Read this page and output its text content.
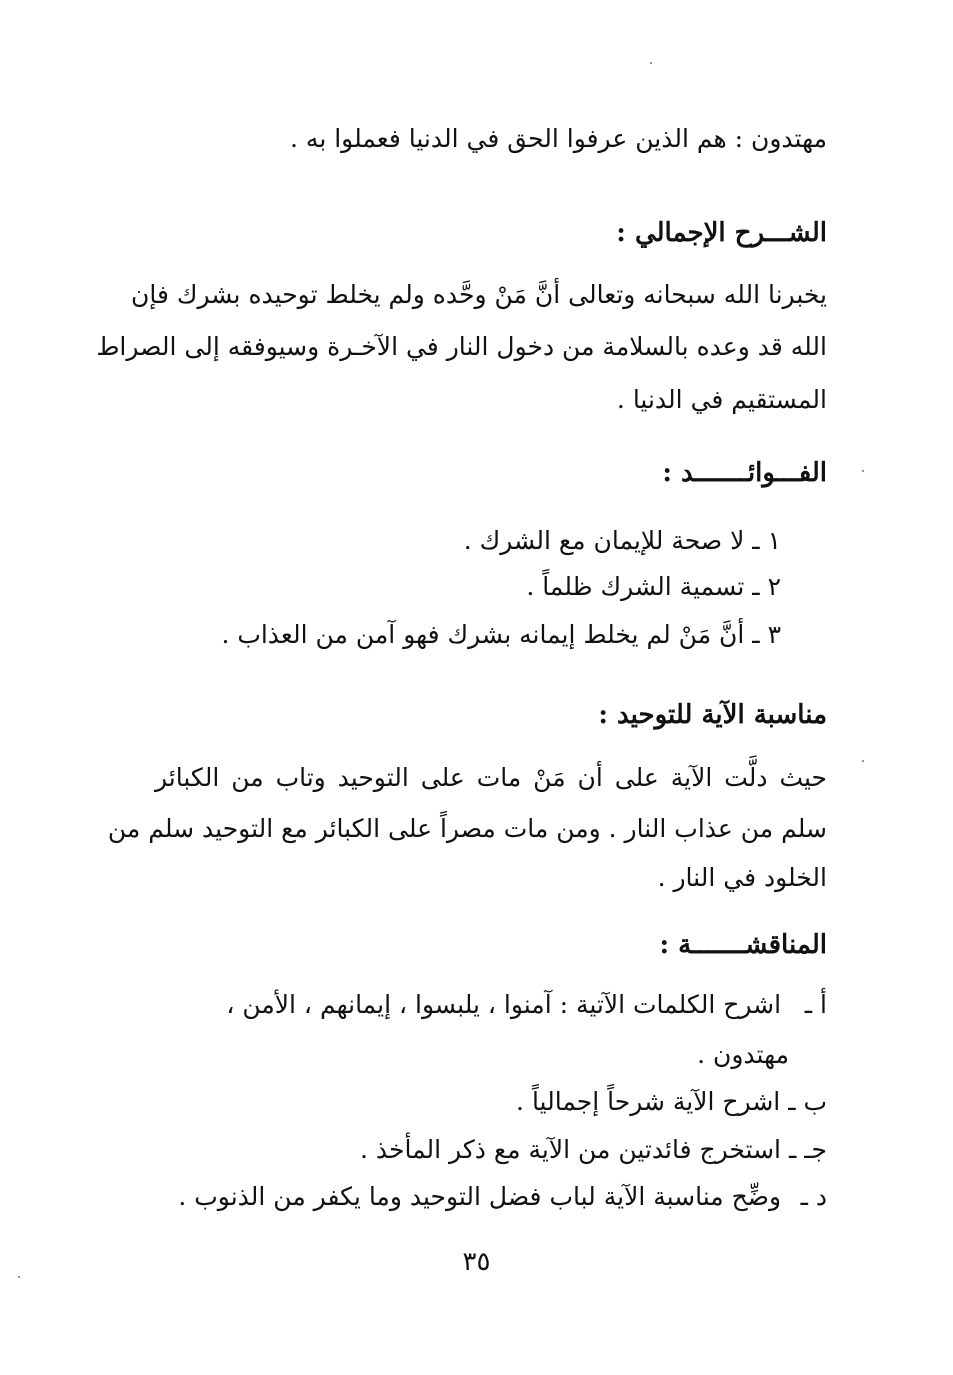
مهتدون : هم الذين عرفوا الحق في الدنيا فعملوا به .
الشـــرح الإجمالي :
يخبرنا الله سبحانه وتعالى أنَّ مَنْ وحَّده ولم يخلط توحيده بشرك فإن
الله قد وعده بالسلامة من دخول النار في الآخـرة وسيوفقه إلى الصراط
المستقيم في الدنيا .
الفـــوائـــــــد :
١ ـ لا صحة للإيمان مع الشرك .
٢ ـ تسمية الشرك ظلماً .
٣ ـ أنَّ مَنْ لم يخلط إيمانه بشرك فهو آمن من العذاب .
مناسبة الآية للتوحيد :
حيث دلَّت الآية على أن مَنْ مات على التوحيد وتاب من الكبائر
سلم من عذاب النار . ومن مات مصراً على الكبائر مع التوحيد سلم من
الخلود في النار .
المناقشـــــــة :
أ ـ اشرح الكلمات الآتية : آمنوا ، يلبسوا ، إيمانهم ، الأمن ،
مهتدون .
ب ـ اشرح الآية شرحاً إجمالياً .
جـ ـ استخرج فائدتين من الآية مع ذكر المأخذ .
د ـ وضِّح مناسبة الآية لباب فضل التوحيد وما يكفر من الذنوب .
٣٥
